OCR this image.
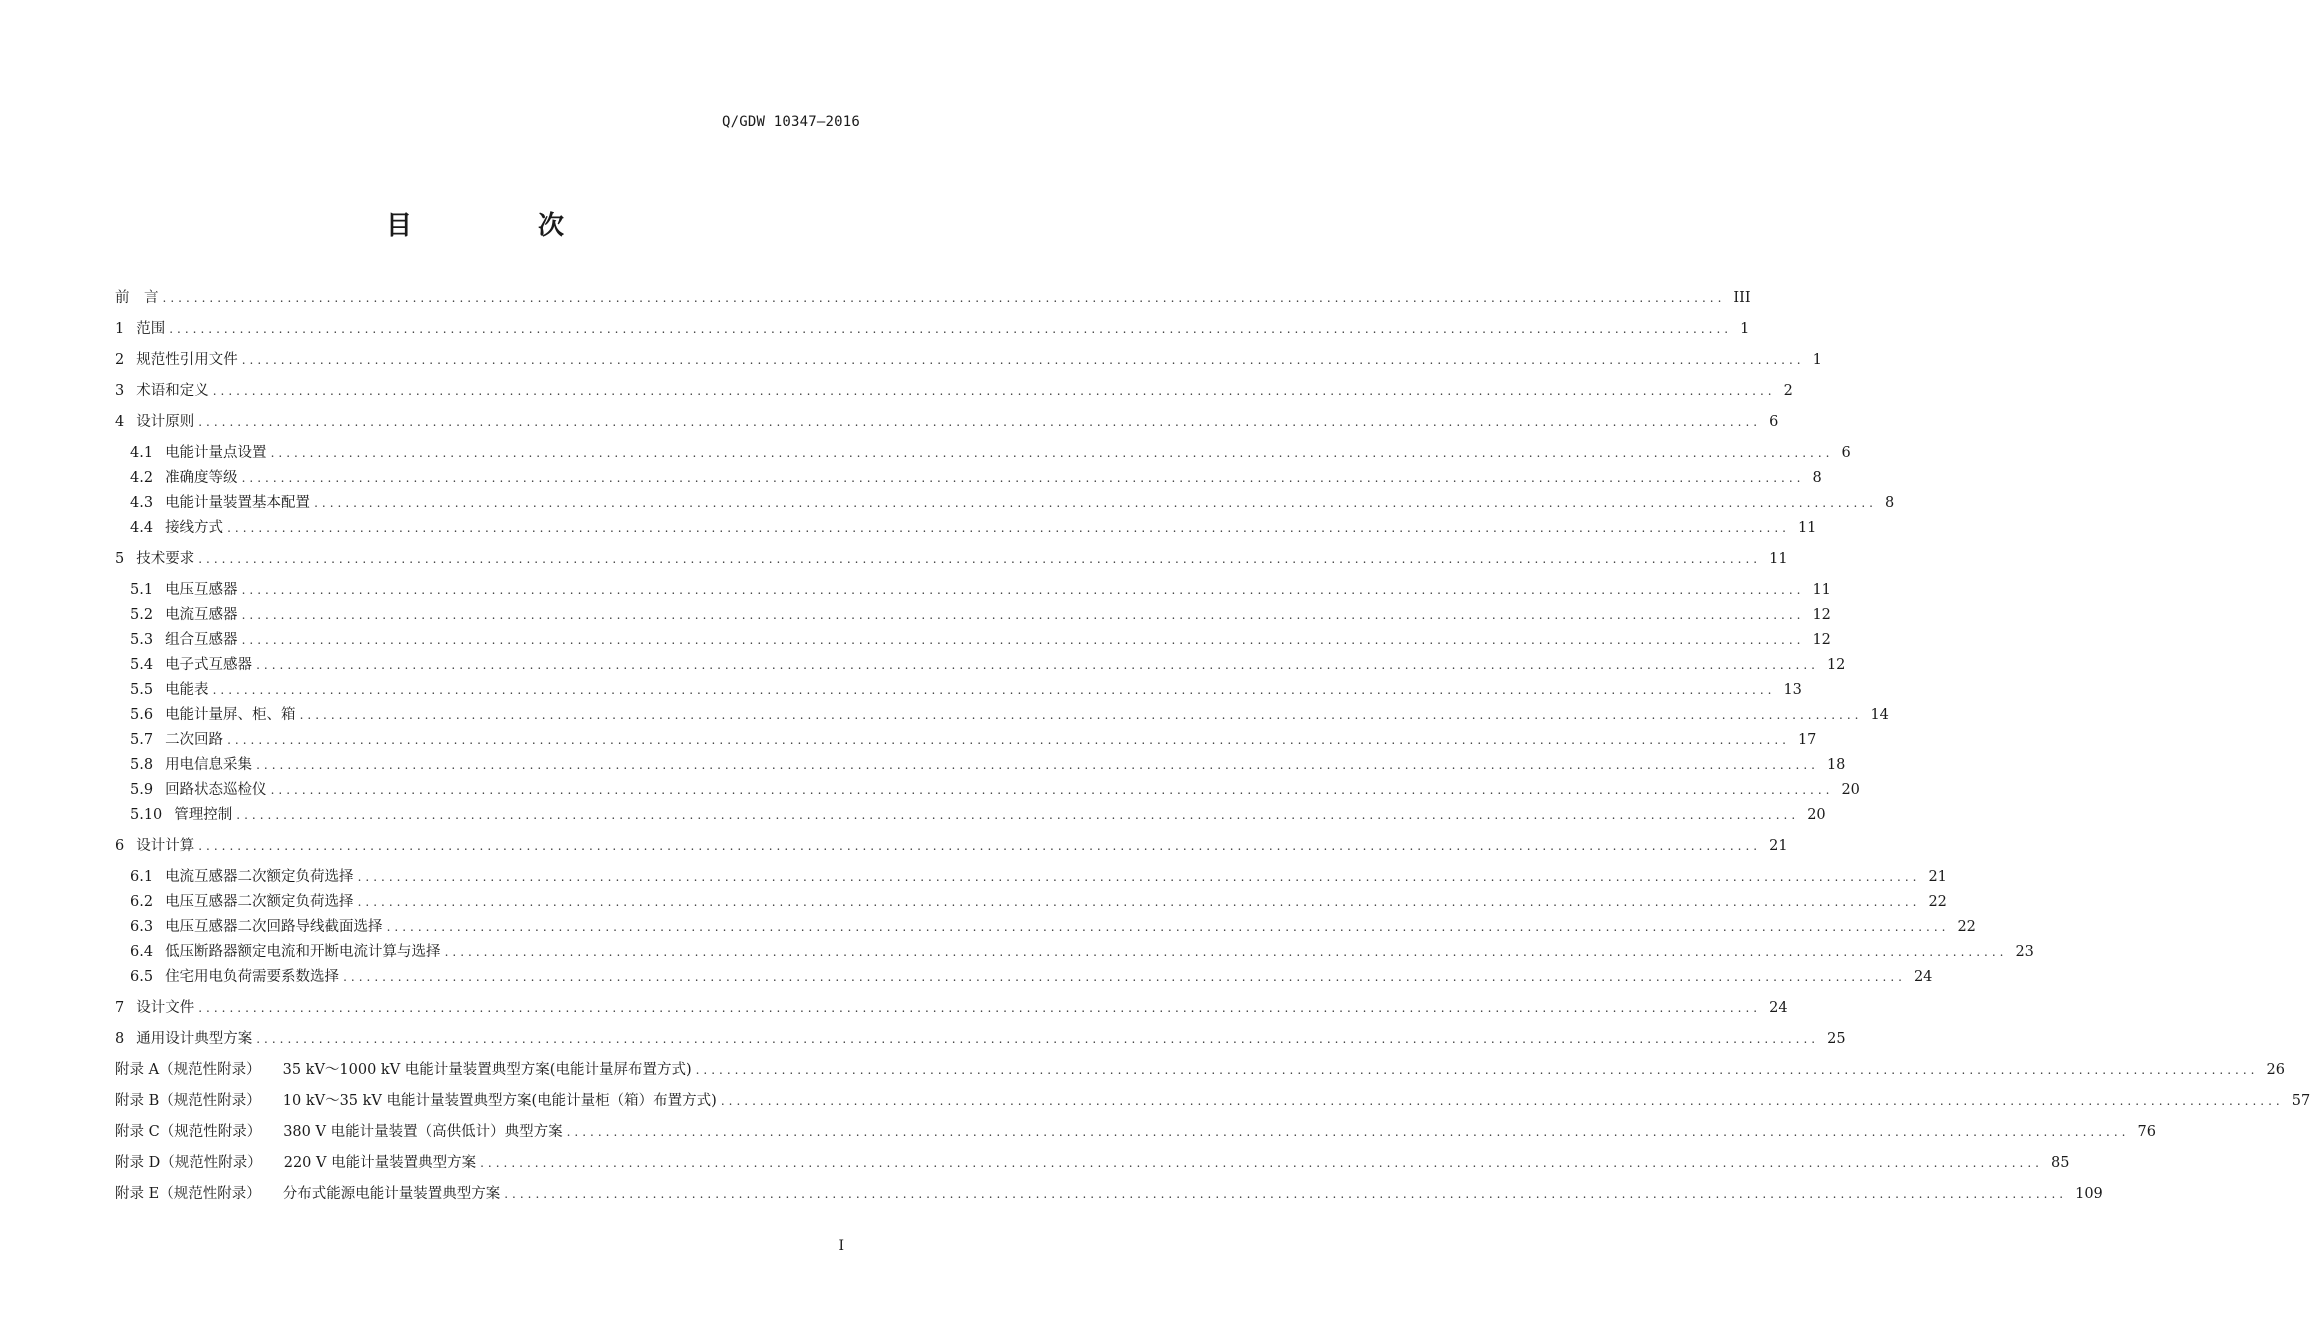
Q/GDW 10347—2016
目　次
前　言 ........................................................................................................................................................................................................ III
1 范围 ........................................................................................................................................................................................................ 1
2 规范性引用文件 ........................................................................................................................................................................................................ 1
3 术语和定义 ........................................................................................................................................................................................................ 2
4 设计原则 ........................................................................................................................................................................................................ 6
4.1 电能计量点设置 ........................................................................................................................................................................................................ 6
4.2 准确度等级 ........................................................................................................................................................................................................ 8
4.3 电能计量装置基本配置 ........................................................................................................................................................................................................ 8
4.4 接线方式 ........................................................................................................................................................................................................ 11
5 技术要求 ........................................................................................................................................................................................................ 11
5.1 电压互感器 ........................................................................................................................................................................................................ 11
5.2 电流互感器 ........................................................................................................................................................................................................ 12
5.3 组合互感器 ........................................................................................................................................................................................................ 12
5.4 电子式互感器 ........................................................................................................................................................................................................ 12
5.5 电能表 ........................................................................................................................................................................................................ 13
5.6 电能计量屏、柜、箱 ........................................................................................................................................................................................................ 14
5.7 二次回路 ........................................................................................................................................................................................................ 17
5.8 用电信息采集 ........................................................................................................................................................................................................ 18
5.9 回路状态巡检仪 ........................................................................................................................................................................................................ 20
5.10 管理控制 ........................................................................................................................................................................................................ 20
6 设计计算 ........................................................................................................................................................................................................ 21
6.1 电流互感器二次额定负荷选择 ........................................................................................................................................................................................................ 21
6.2 电压互感器二次额定负荷选择 ........................................................................................................................................................................................................ 22
6.3 电压互感器二次回路导线截面选择 ........................................................................................................................................................................................................ 22
6.4 低压断路器额定电流和开断电流计算与选择 ........................................................................................................................................................................................................ 23
6.5 住宅用电负荷需要系数选择 ........................................................................................................................................................................................................ 24
7 设计文件 ........................................................................................................................................................................................................ 24
8 通用设计典型方案 ........................................................................................................................................................................................................ 25
附录 A（规范性附录） 35 kV～1000 kV 电能计量装置典型方案(电能计量屏布置方式) ........................................................................................................................................................................................................ 26
附录 B（规范性附录） 10 kV～35 kV 电能计量装置典型方案(电能计量柜（箱）布置方式) ........................................................................................................................................................................................................ 57
附录 C（规范性附录） 380 V 电能计量装置（高供低计）典型方案 ........................................................................................................................................................................................................ 76
附录 D（规范性附录） 220 V 电能计量装置典型方案 ........................................................................................................................................................................................................ 85
附录 E（规范性附录） 分布式能源电能计量装置典型方案 ........................................................................................................................................................................................................ 109
I
